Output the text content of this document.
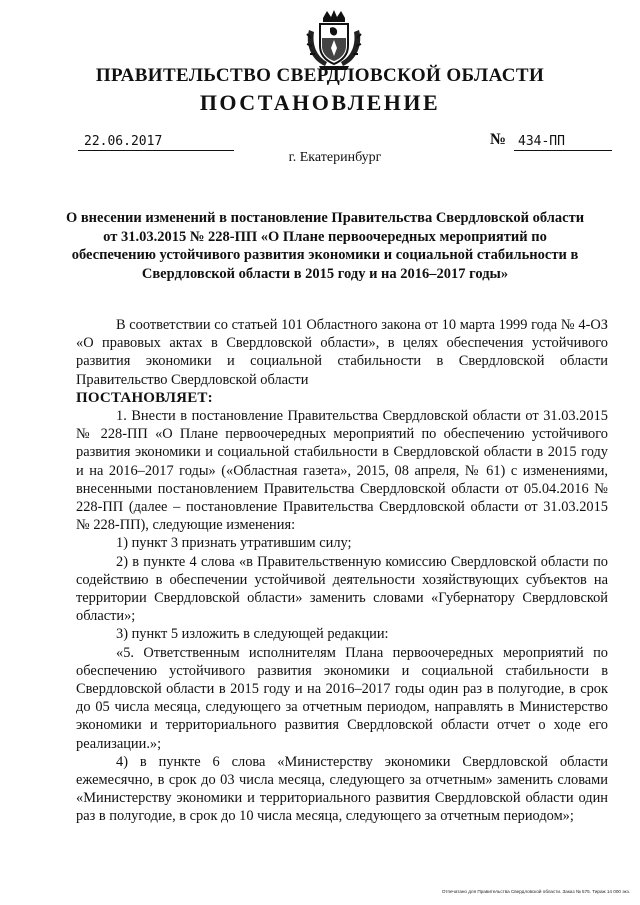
ПРАВИТЕЛЬСТВО СВЕРДЛОВСКОЙ ОБЛАСТИ
ПОСТАНОВЛЕНИЕ
22.06.2017	№ 434-ПП
г. Екатеринбург
О внесении изменений в постановление Правительства Свердловской области от 31.03.2015 № 228-ПП «О Плане первоочередных мероприятий по обеспечению устойчивого развития экономики и социальной стабильности в Свердловской области в 2015 году и на 2016–2017 годы»

В соответствии со статьей 101 Областного закона от 10 марта 1999 года № 4-ОЗ «О правовых актах в Свердловской области», в целях обеспечения устойчивого развития экономики и социальной стабильности в Свердловской области Правительство Свердловской области

ПОСТАНОВЛЯЕТ:

1. Внести в постановление Правительства Свердловской области от 31.03.2015 № 228-ПП «О Плане первоочередных мероприятий по обеспечению устойчивого развития экономики и социальной стабильности в Свердловской области в 2015 году и на 2016–2017 годы» («Областная газета», 2015, 08 апреля, № 61) с изменениями, внесенными постановлением Правительства Свердловской области от 05.04.2016 № 228-ПП (далее – постановление Правительства Свердловской области от 31.03.2015 № 228-ПП), следующие изменения:

1) пункт 3 признать утратившим силу;

2) в пункте 4 слова «в Правительственную комиссию Свердловской области по содействию в обеспечении устойчивой деятельности хозяйствующих субъектов на территории Свердловской области» заменить словами «Губернатору Свердловской области»;

3) пункт 5 изложить в следующей редакции:

«5. Ответственным исполнителям Плана первоочередных мероприятий по обеспечению устойчивого развития экономики и социальной стабильности в Свердловской области в 2015 году и на 2016–2017 годы один раз в полугодие, в срок до 05 числа месяца, следующего за отчетным периодом, направлять в Министерство экономики и территориального развития Свердловской области отчет о ходе его реализации.»;

4) в пункте 6 слова «Министерству экономики Свердловской области ежемесячно, в срок до 03 числа месяца, следующего за отчетным» заменить словами «Министерству экономики и территориального развития Свердловской области один раз в полугодие, в срок до 10 числа месяца, следующего за отчетным периодом»;

Отпечатано для Правительства Свердловской области. Заказ № 575. Тираж 14 000 экз.
